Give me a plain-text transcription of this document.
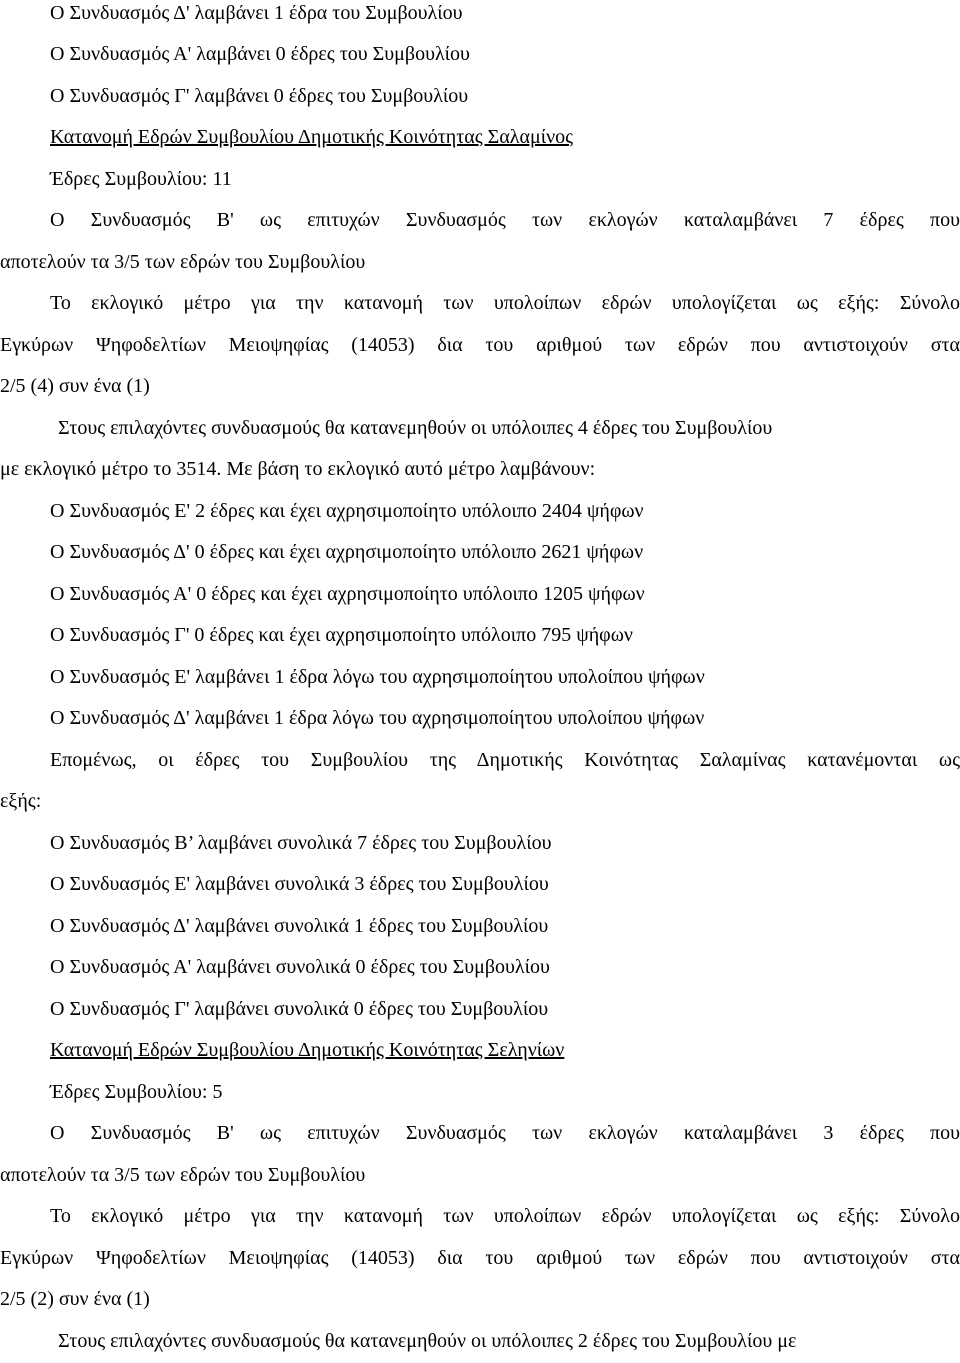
Ο Συνδυασμός Δ' λαμβάνει 1 έδρα του Συμβουλίου
Ο Συνδυασμός Α' λαμβάνει 0 έδρες του Συμβουλίου
Ο Συνδυασμός Γ' λαμβάνει 0 έδρες του Συμβουλίου
Κατανομή Εδρών Συμβουλίου Δημοτικής Κοινότητας Σαλαμίνος
Έδρες Συμβουλίου: 11
Ο Συνδυασμός Β' ως επιτυχών Συνδυασμός των εκλογών καταλαμβάνει 7 έδρες που
αποτελούν τα 3/5 των εδρών του Συμβουλίου
Το εκλογικό μέτρο για την κατανομή των υπολοίπων εδρών υπολογίζεται ως εξής: Σύνολο
Εγκύρων Ψηφοδελτίων Μειοψηφίας (14053) δια του αριθμού των εδρών που αντιστοιχούν στα
2/5 (4) συν ένα (1)
Στους επιλαχόντες συνδυασμούς θα κατανεμηθούν οι υπόλοιπες 4 έδρες του Συμβουλίου
με εκλογικό μέτρο το 3514. Με βάση το εκλογικό αυτό μέτρο λαμβάνουν:
Ο Συνδυασμός Ε' 2 έδρες και έχει αχρησιμοποίητο υπόλοιπο 2404 ψήφων
Ο Συνδυασμός Δ' 0 έδρες και έχει αχρησιμοποίητο υπόλοιπο 2621 ψήφων
Ο Συνδυασμός Α' 0 έδρες και έχει αχρησιμοποίητο υπόλοιπο 1205 ψήφων
Ο Συνδυασμός Γ' 0 έδρες και έχει αχρησιμοποίητο υπόλοιπο 795 ψήφων
Ο Συνδυασμός Ε' λαμβάνει 1 έδρα λόγω του αχρησιμοποίητου υπολοίπου ψήφων
Ο Συνδυασμός Δ' λαμβάνει 1 έδρα λόγω του αχρησιμοποίητου υπολοίπου ψήφων
Επομένως, οι έδρες του Συμβουλίου της Δημοτικής Κοινότητας Σαλαμίνας κατανέμονται ως
εξής:
Ο Συνδυασμός Β’ λαμβάνει συνολικά 7 έδρες του Συμβουλίου
Ο Συνδυασμός Ε' λαμβάνει συνολικά 3 έδρες του Συμβουλίου
Ο Συνδυασμός Δ' λαμβάνει συνολικά 1 έδρες του Συμβουλίου
Ο Συνδυασμός Α' λαμβάνει συνολικά 0 έδρες του Συμβουλίου
Ο Συνδυασμός Γ' λαμβάνει συνολικά 0 έδρες του Συμβουλίου
Κατανομή Εδρών Συμβουλίου Δημοτικής Κοινότητας Σεληνίων
Έδρες Συμβουλίου: 5
Ο Συνδυασμός Β' ως επιτυχών Συνδυασμός των εκλογών καταλαμβάνει 3 έδρες που
αποτελούν τα 3/5 των εδρών του Συμβουλίου
Το εκλογικό μέτρο για την κατανομή των υπολοίπων εδρών υπολογίζεται ως εξής: Σύνολο
Εγκύρων Ψηφοδελτίων Μειοψηφίας (14053) δια του αριθμού των εδρών που αντιστοιχούν στα
2/5 (2) συν ένα (1)
Στους επιλαχόντες συνδυασμούς θα κατανεμηθούν οι υπόλοιπες 2 έδρες του Συμβουλίου με
